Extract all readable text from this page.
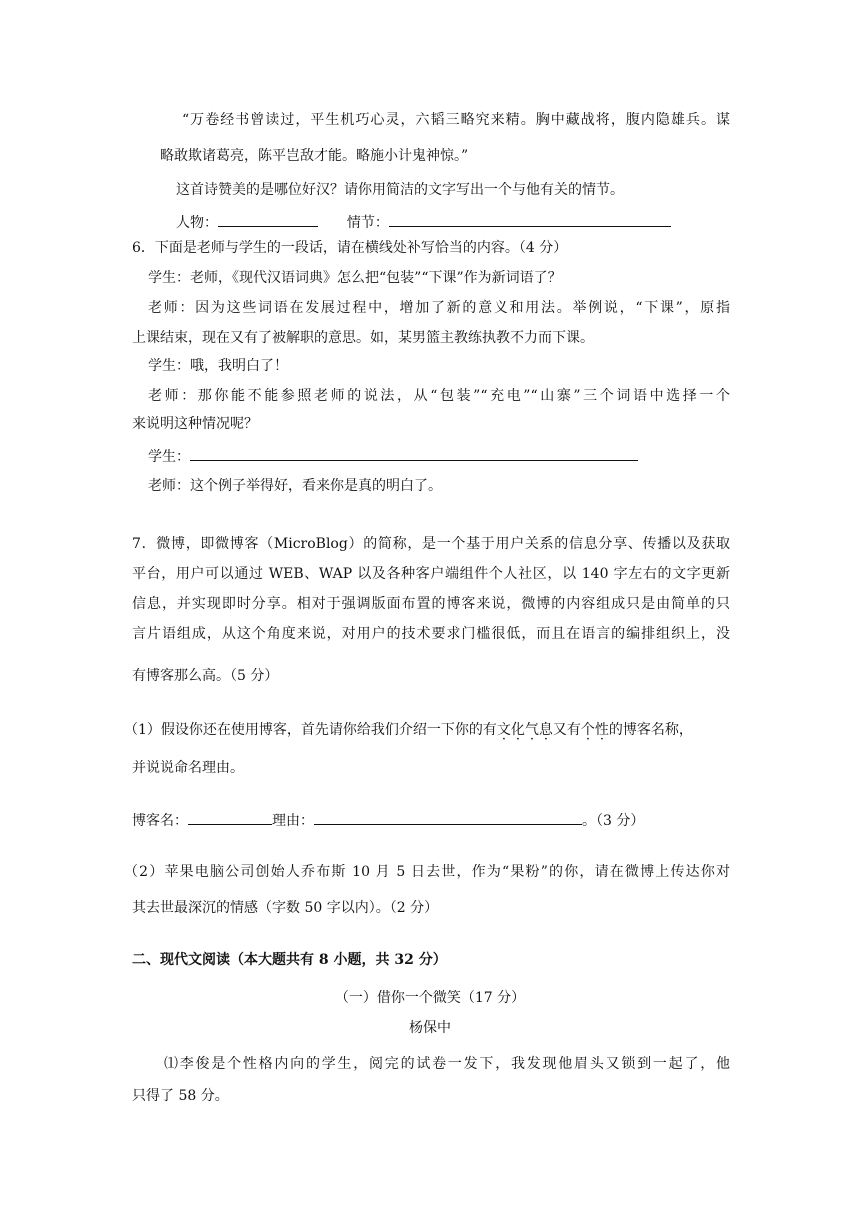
“万卷经书曾读过，平生机巧心灵，六韬三略究来精。胸中藏战将，腹内隐雄兵。谋
略敢欺诸葛亮，陈平岂敌才能。略施小计鬼神惊。”
这首诗赞美的是哪位好汉？请你用简洁的文字写出一个与他有关的情节。
人物：	情节：
6．下面是老师与学生的一段话，请在横线处补写恰当的内容。（4 分）
学生：老师，《现代汉语词典》怎么把“包装”“下课”作为新词语了？
老师：因为这些词语在发展过程中，增加了新的意义和用法。举例说，“下课”，原指
上课结束，现在又有了被解职的意思。如，某男篮主教练执教不力而下课。
学生：哦，我明白了！
老师：那你能不能参照老师的说法，从“包装”“充电”“山寨”三个词语中选择一个
来说明这种情况呢？
学生：
老师：这个例子举得好，看来你是真的明白了。
7．微博，即微博客（MicroBlog）的简称，是一个基于用户关系的信息分享、传播以及获取
平台，用户可以通过 WEB、WAP 以及各种客户端组件个人社区，以 140 字左右的文字更新
信息，并实现即时分享。相对于强调版面布置的博客来说，微博的内容组成只是由简单的只
言片语组成，从这个角度来说，对用户的技术要求门槛很低，而且在语言的编排组织上，没
有博客那么高。（5 分）
（1）假设你还在使用博客，首先请你给我们介绍一下你的有文化气息又有个性的博客名称，
并说说命名理由。
博客名：	理由：	。（3 分）
（2）苹果电脑公司创始人乔布斯 10 月 5 日去世，作为“果粉”的你，请在微博上传达你对
其去世最深沉的情感（字数 50 字以内）。（2 分）
二、现代文阅读（本大题共有 8 小题，共 32 分）
（一）借你一个微笑（17 分）
杨保中
⑴李俊是个性格内向的学生，阅完的试卷一发下，我发现他眉头又锁到一起了，他
只得了 58 分。
